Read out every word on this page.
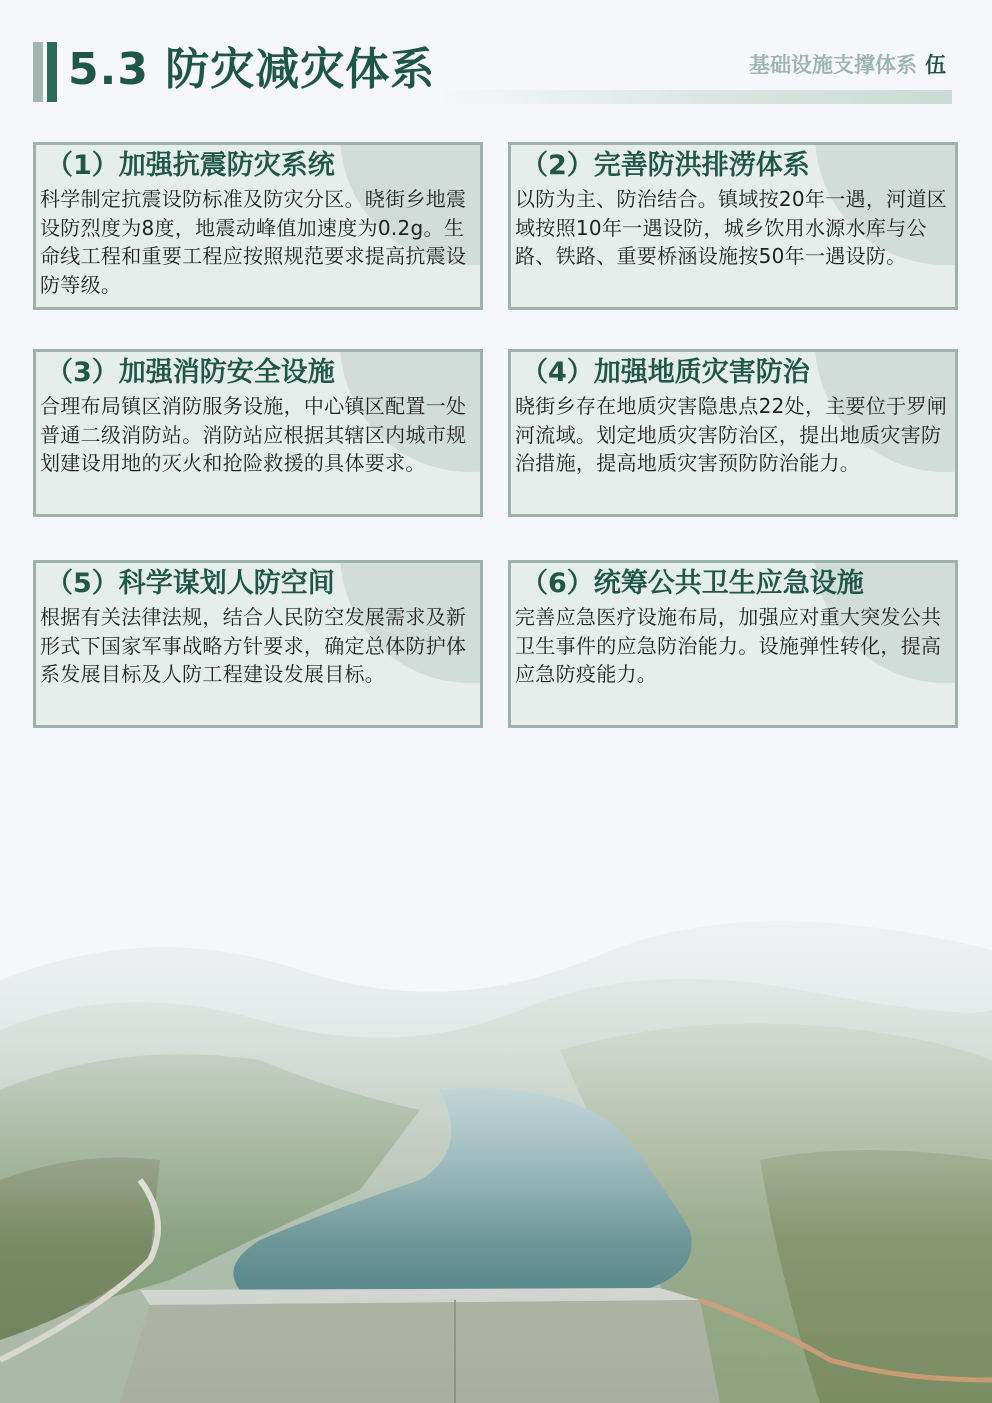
5.3 防灾减灾体系	基础设施支撑体系 伍
（1）加强抗震防灾系统

科学制定抗震设防标准及防灾分区。晓街乡地震设防烈度为8度，地震动峰值加速度为0.2g。生命线工程和重要工程应按照规范要求提高抗震设防等级。

（2）完善防洪排涝体系

以防为主、防治结合。镇域按20年一遇，河道区域按照10年一遇设防，城乡饮用水源水库与公路、铁路、重要桥涵设施按50年一遇设防。

（3）加强消防安全设施

合理布局镇区消防服务设施，中心镇区配置一处普通二级消防站。消防站应根据其辖区内城市规划建设用地的灭火和抢险救援的具体要求。

（4）加强地质灾害防治

晓街乡存在地质灾害隐患点22处，主要位于罗闸河流域。划定地质灾害防治区，提出地质灾害防治措施，提高地质灾害预防防治能力。

（5）科学谋划人防空间

根据有关法律法规，结合人民防空发展需求及新形式下国家军事战略方针要求，确定总体防护体系发展目标及人防工程建设发展目标。

（6）统筹公共卫生应急设施

完善应急医疗设施布局，加强应对重大突发公共卫生事件的应急防治能力。设施弹性转化，提高应急防疫能力。
